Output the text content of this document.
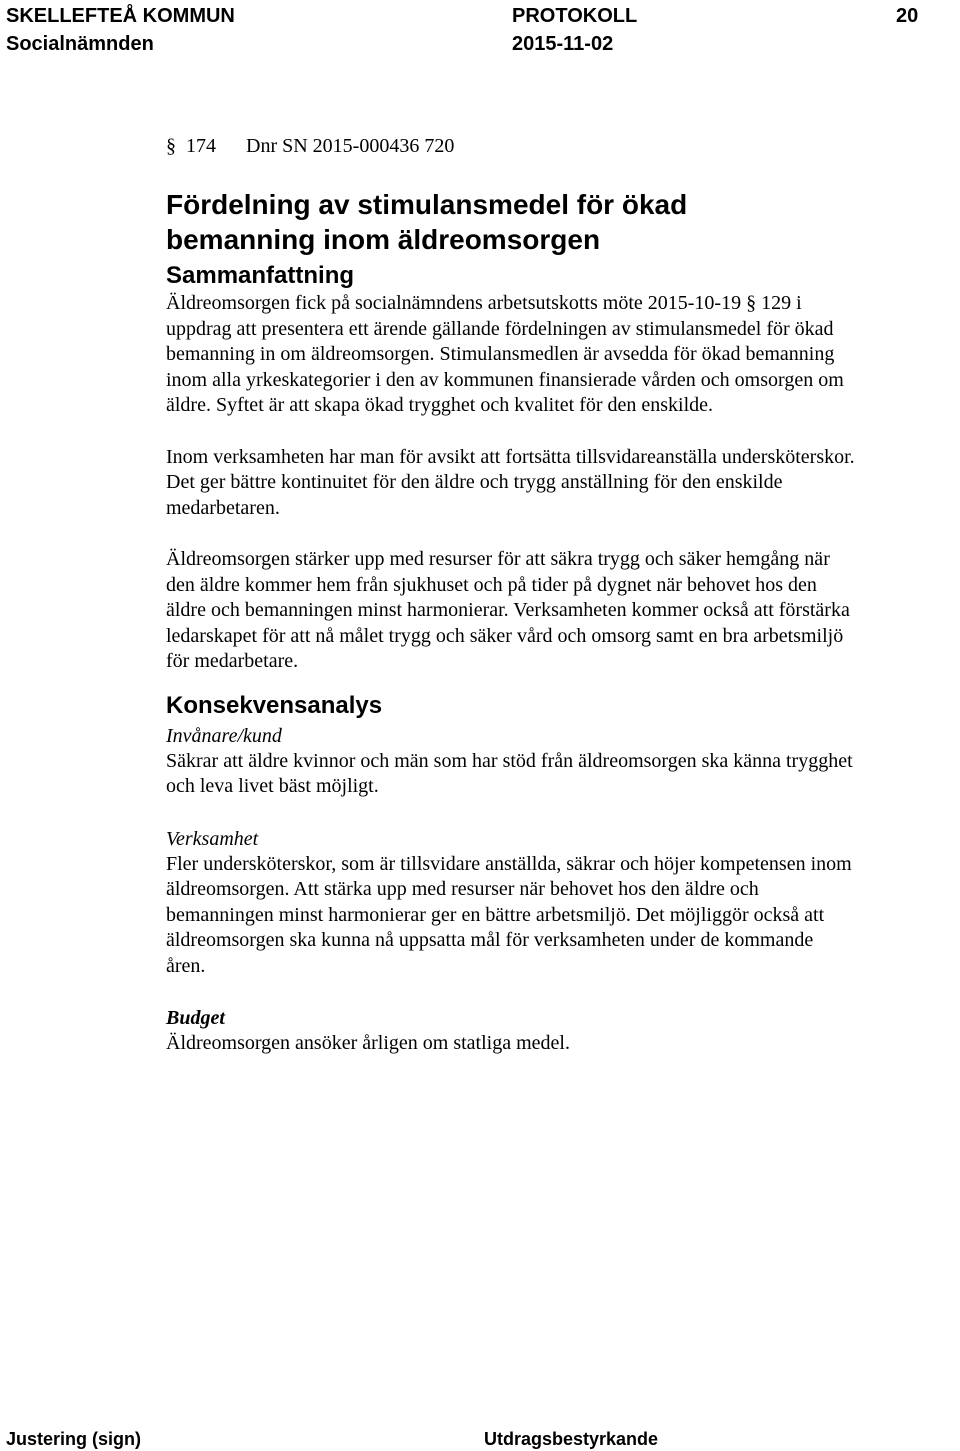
SKELLEFTEÅ KOMMUN
Socialnämnden
PROTOKOLL
2015-11-02
20
§ 174 Dnr SN 2015-000436 720
Fördelning av stimulansmedel för ökad
bemanning inom äldreomsorgen
Sammanfattning

Äldreomsorgen fick på socialnämndens arbetsutskotts möte 2015-10-19 § 129 i uppdrag att presentera ett ärende gällande fördelningen av stimulansmedel för ökad bemanning in om äldreomsorgen. Stimulansmedlen är avsedda för ökad bemanning inom alla yrkeskategorier i den av kommunen finansierade vården och omsorgen om äldre. Syftet är att skapa ökad trygghet och kvalitet för den enskilde.

Inom verksamheten har man för avsikt att fortsätta tillsvidareanställa undersköterskor. Det ger bättre kontinuitet för den äldre och trygg anställning för den enskilde medarbetaren.

Äldreomsorgen stärker upp med resurser för att säkra trygg och säker hemgång när den äldre kommer hem från sjukhuset och på tider på dygnet när behovet hos den äldre och bemanningen minst harmonierar. Verksamheten kommer också att förstärka ledarskapet för att nå målet trygg och säker vård och omsorg samt en bra arbetsmiljö för medarbetare.

Konsekvensanalys
Invånare/kund

Säkrar att äldre kvinnor och män som har stöd från äldreomsorgen ska känna trygghet och leva livet bäst möjligt.

Verksamhet

Fler undersköterskor, som är tillsvidare anställda, säkrar och höjer kompetensen inom äldreomsorgen. Att stärka upp med resurser när behovet hos den äldre och bemanningen minst harmonierar ger en bättre arbetsmiljö. Det möjliggör också att äldreomsorgen ska kunna nå uppsatta mål för verksamheten under de kommande åren.

Budget

Äldreomsorgen ansöker årligen om statliga medel.

Justering (sign)	Utdragsbestyrkande
